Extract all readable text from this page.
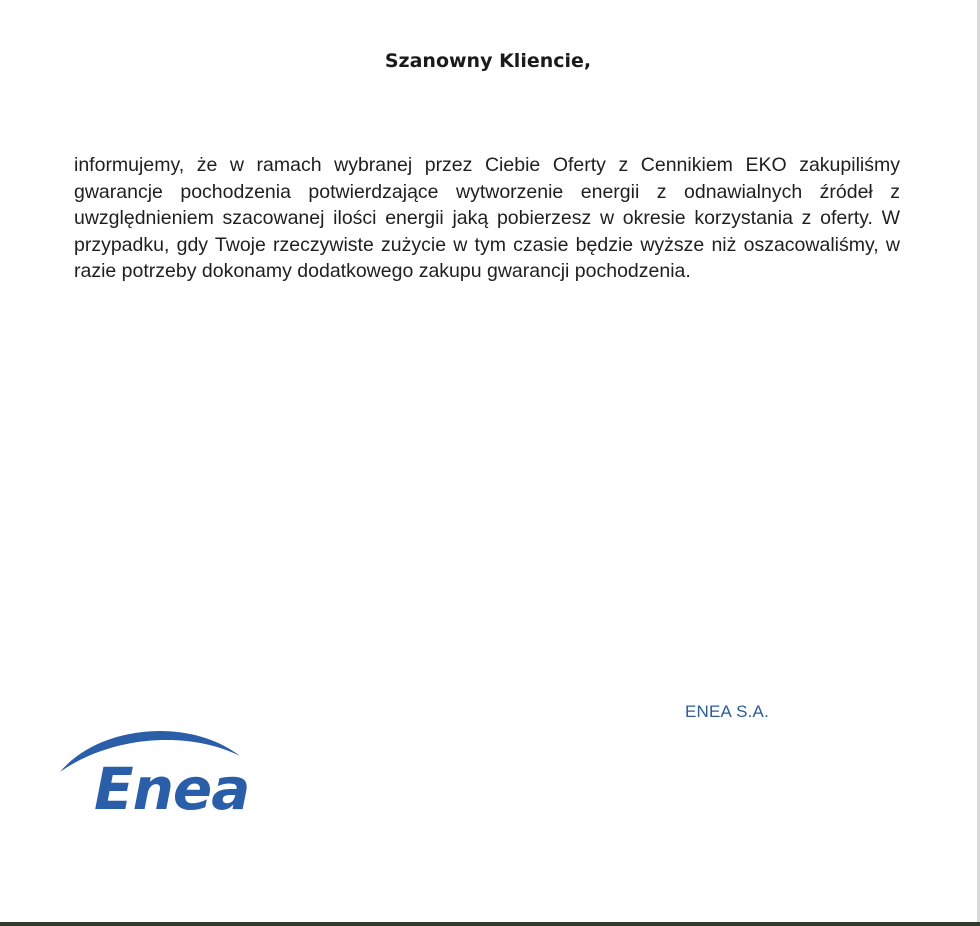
Szanowny Kliencie,

informujemy, że w ramach wybranej przez Ciebie Oferty z Cennikiem EKO zakupiliśmy gwarancje pochodzenia potwierdzające wytworzenie energii z odnawialnych źródeł z uwzględnieniem szacowanej ilości energii jaką pobierzesz w okresie korzystania z oferty. W przypadku, gdy Twoje rzeczywiste zużycie w tym czasie będzie wyższe niż oszacowaliśmy, w razie potrzeby dokonamy dodatkowego zakupu gwarancji pochodzenia.

ENEA S.A.

Enea
